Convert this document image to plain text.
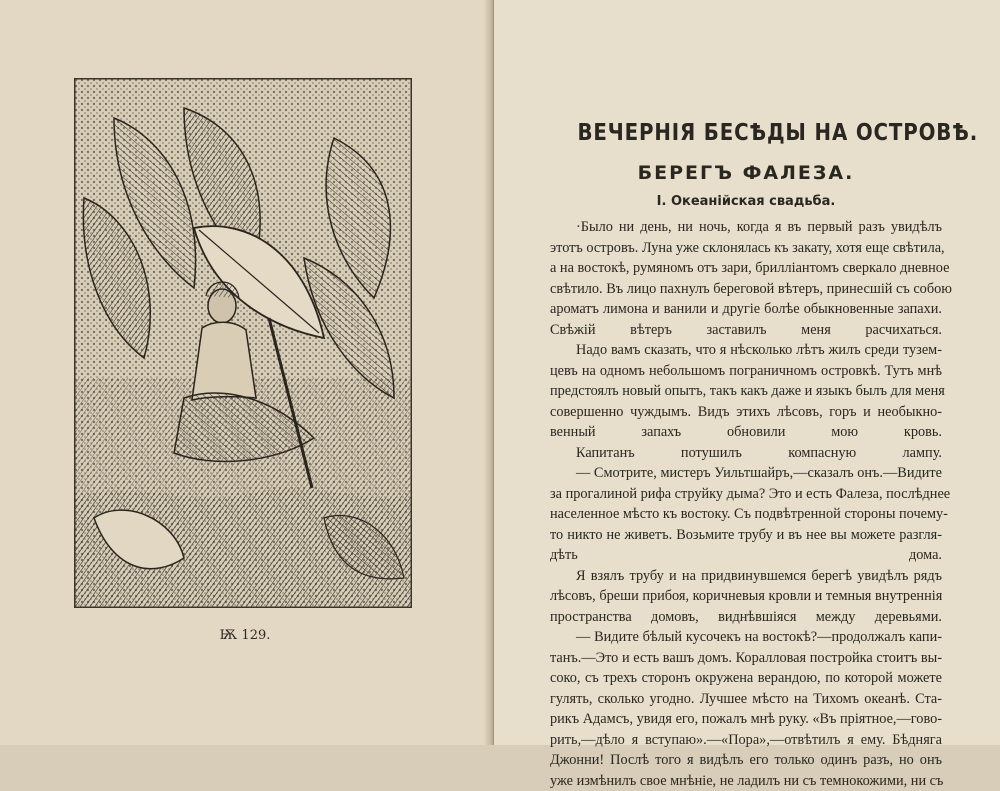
Ѭ 129.
ВЕЧЕРНІЯ БЕСѢДЫ НА ОСТРОВѢ.
БЕРЕГЪ ФАЛЕЗА.
I. Океанійская свадьба.
·Было ни день, ни ночь, когда я въ первый разъ увидѣлъ
этотъ островъ. Луна уже склонялась къ закату, хотя еще свѣтила,
а на востокѣ, румяномъ отъ зари, брилліантомъ сверкало дневное
свѣтило. Въ лицо пахнулъ береговой вѣтеръ, принесшій съ собою
ароматъ лимона и ванили и другіе болѣе обыкновенные запахи.
Свѣжій вѣтеръ заставилъ меня расчихаться.
Надо вамъ сказать, что я нѣсколько лѣтъ жилъ среди тузем-
цевъ на одномъ небольшомъ пограничномъ островкѣ. Тутъ мнѣ
предстоялъ новый опытъ, такъ какъ даже и языкъ былъ для меня
совершенно чуждымъ. Видъ этихъ лѣсовъ, горъ и необыкно-
венный запахъ обновили мою кровь.
Капитанъ потушилъ компасную лампу.
— Смотрите, мистеръ Уильтшайръ,—сказалъ онъ.—Видите
за прогалиной рифа струйку дыма? Это и есть Фалеза, послѣднее
населенное мѣсто къ востоку. Съ подвѣтренной стороны почему-
то никто не живетъ. Возьмите трубу и въ нее вы можете разгля-
дѣть дома.
Я взялъ трубу и на придвинувшемся берегѣ увидѣлъ рядъ
лѣсовъ, бреши прибоя, коричневыя кровли и темныя внутреннія
пространства домовъ, виднѣвшіяся между деревьями.
— Видите бѣлый кусочекъ на востокѣ?—продолжалъ капи-
танъ.—Это и есть вашъ домъ. Коралловая постройка стоитъ вы-
соко, съ трехъ сторонъ окружена верандою, по которой можете
гулять, сколько угодно. Лучшее мѣсто на Тихомъ океанѣ. Ста-
рикъ Адамсъ, увидя его, пожалъ мнѣ руку. «Въ пріятное,—гово-
рить,—дѣло я вступаю».—«Пора»,—отвѣтилъ я ему. Бѣдняга
Джонни! Послѣ того я видѣлъ его только одинъ разъ, но онъ
уже измѣнилъ свое мнѣніе, не ладилъ ни съ темнокожими, ни съ
